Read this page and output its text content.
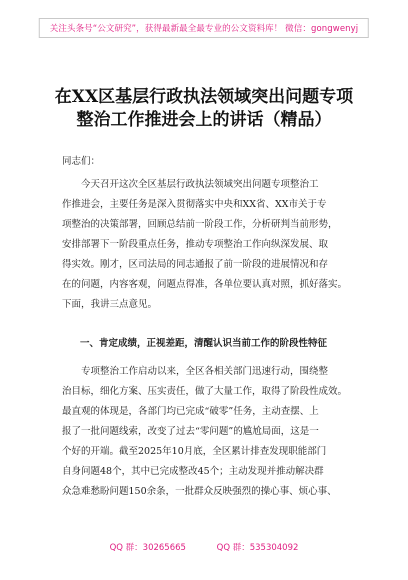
关注头条号“公文研究”，获得最新最全最专业的公文资料库！ 微信：gongwenyj
在XX区基层行政执法领域突出问题专项
整治工作推进会上的讲话（精品）
同志们：
今天召开这次全区基层行政执法领域突出问题专项整治工
作推进会，主要任务是深入贯彻落实中央和XX省、XX市关于专
项整治的决策部署，回顾总结前一阶段工作，分析研判当前形势，
安排部署下一阶段重点任务，推动专项整治工作向纵深发展、取
得实效。刚才，区司法局的同志通报了前一阶段的进展情况和存
在的问题，内容客观，问题点得准，各单位要认真对照，抓好落实。
下面，我讲三点意见。
一、肯定成绩，正视差距，清醒认识当前工作的阶段性特征
专项整治工作启动以来，全区各相关部门迅速行动，围绕整
治目标，细化方案、压实责任，做了大量工作，取得了阶段性成效。
最直观的体现是，各部门均已完成“破零”任务，主动查摆、上
报了一批问题线索，改变了过去“零问题”的尴尬局面，这是一
个好的开端。截至2025年10月底，全区累计排查发现职能部门
自身问题48个，其中已完成整改45个；主动发现并推动解决群
众急难愁盼问题150余条，一批群众反映强烈的操心事、烦心事、
QQ 群：30265665	QQ 群：535304092
